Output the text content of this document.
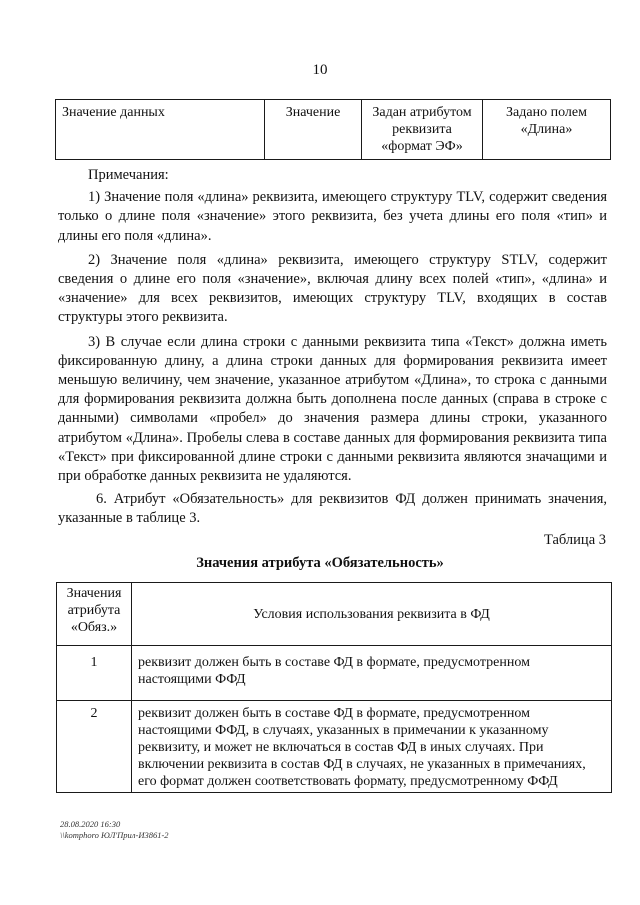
10
Значение данных	Значение	Задан атрибутом реквизита «формат ЭФ»	Задано полем «Длина»

Примечания:

1) Значение поля «длина» реквизита, имеющего структуру TLV, содержит сведения только о длине поля «значение» этого реквизита, без учета длины его поля «тип» и длины его поля «длина».

2) Значение поля «длина» реквизита, имеющего структуру STLV, содержит сведения о длине его поля «значение», включая длину всех полей «тип», «длина» и «значение» для всех реквизитов, имеющих структуру TLV, входящих в состав структуры этого реквизита.

3) В случае если длина строки с данными реквизита типа «Текст» должна иметь фиксированную длину, а длина строки данных для формирования реквизита имеет меньшую величину, чем значение, указанное атрибутом «Длина», то строка с данными для формирования реквизита должна быть дополнена после данных (справа в строке с данными) символами «пробел» до значения размера длины строки, указанного атрибутом «Длина». Пробелы слева в составе данных для формирования реквизита типа «Текст» при фиксированной длине строки с данными реквизита являются значащими и при обработке данных реквизита не удаляются.

6. Атрибут «Обязательность» для реквизитов ФД должен принимать значения, указанные в таблице 3.
Таблица 3
Значения атрибута «Обязательность»
Значения атрибута «Обяз.»	Условия использования реквизита в ФД
1	реквизит должен быть в составе ФД в формате, предусмотренном настоящими ФФД
2	реквизит должен быть в составе ФД в формате, предусмотренном настоящими ФФД, в случаях, указанных в примечании к указанному реквизиту, и может не включаться в состав ФД в иных случаях. При включении реквизита в состав ФД в случаях, не указанных в примечаниях, его формат должен соответствовать формату, предусмотренному ФФД
28.08.2020 16:30
\\komphoro ЮЛ'Прил-И3861-2
